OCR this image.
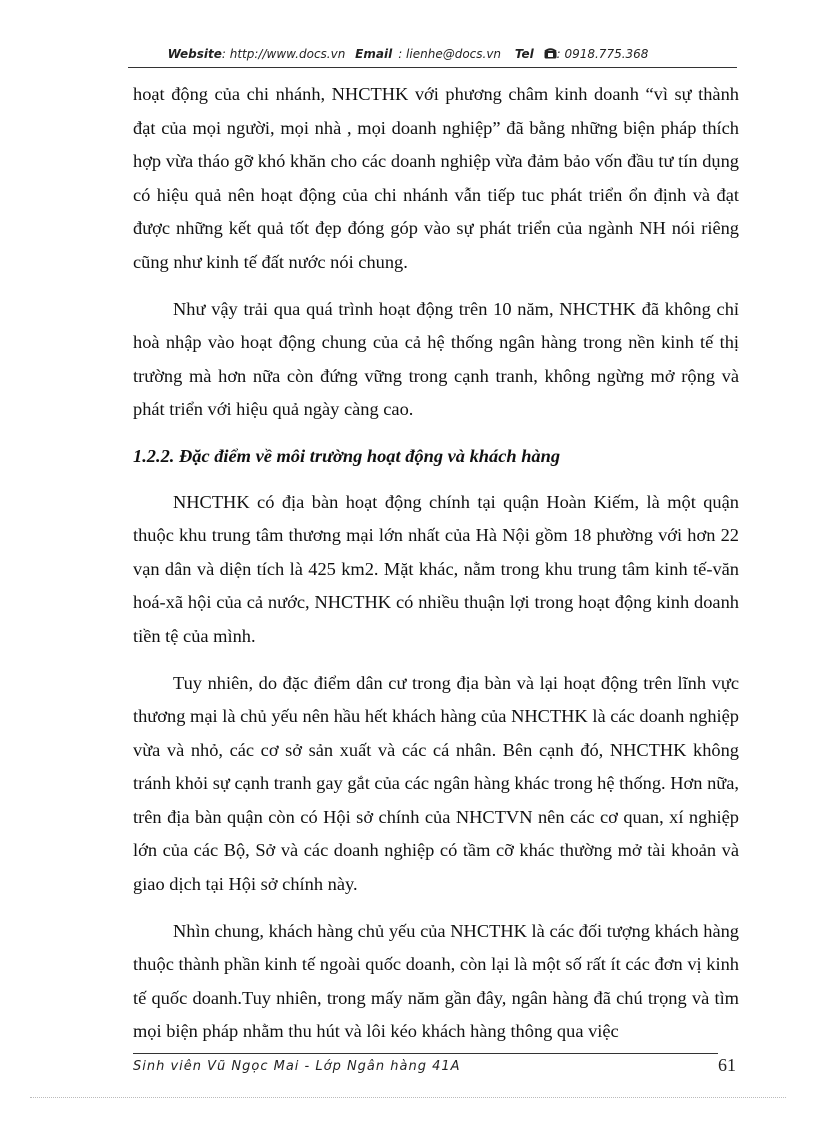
Website: http://www.docs.vn Email : lienhe@docs.vn Tel : 0918.775.368

hoạt động của chi nhánh, NHCTHK với phương châm kinh doanh “vì sự thành đạt của mọi người, mọi nhà , mọi doanh nghiệp” đã bằng những biện pháp thích hợp vừa tháo gỡ khó khăn cho các doanh nghiệp vừa đảm bảo vốn đầu tư tín dụng có hiệu quả nên hoạt động của chi nhánh vẫn tiếp tuc phát triển ổn định và đạt được những kết quả tốt đẹp đóng góp vào sự phát triển của ngành NH nói riêng cũng như kinh tế đất nước nói chung.

Như vậy trải qua quá trình hoạt động trên 10 năm, NHCTHK đã không chỉ hoà nhập vào hoạt động chung của cả hệ thống ngân hàng trong nền kinh tế thị trường mà hơn nữa còn đứng vững trong cạnh tranh, không ngừng mở rộng và phát triển với hiệu quả ngày càng cao.

1.2.2. Đặc điểm về môi trường hoạt động và khách hàng

NHCTHK có địa bàn hoạt động chính tại quận Hoàn Kiếm, là một quận thuộc khu trung tâm thương mại lớn nhất của Hà Nội gồm 18 phường với hơn 22 vạn dân và diện tích là 425 km2. Mặt khác, nằm trong khu trung tâm kinh tế-văn hoá-xã hội của cả nước, NHCTHK có nhiều thuận lợi trong hoạt động kinh doanh tiền tệ của mình.

Tuy nhiên, do đặc điểm dân cư trong địa bàn và lại hoạt động trên lĩnh vực thương mại là chủ yếu nên hầu hết khách hàng của NHCTHK là các doanh nghiệp vừa và nhỏ, các cơ sở sản xuất và các cá nhân. Bên cạnh đó, NHCTHK không tránh khỏi sự cạnh tranh gay gắt của các ngân hàng khác trong hệ thống. Hơn nữa, trên địa bàn quận còn có Hội sở chính của NHCTVN nên các cơ quan, xí nghiệp lớn của các Bộ, Sở và các doanh nghiệp có tầm cỡ khác thường mở tài khoản và giao dịch tại Hội sở chính này.

Nhìn chung, khách hàng chủ yếu của NHCTHK là các đối tượng khách hàng thuộc thành phần kinh tế ngoài quốc doanh, còn lại là một số rất ít các đơn vị kinh tế quốc doanh.Tuy nhiên, trong mấy năm gần đây, ngân hàng đã chú trọng và tìm mọi biện pháp nhằm thu hút và lôi kéo khách hàng thông qua việc

Sinh viên Vũ Ngọc Mai - Lớp Ngân hàng 41A	61
